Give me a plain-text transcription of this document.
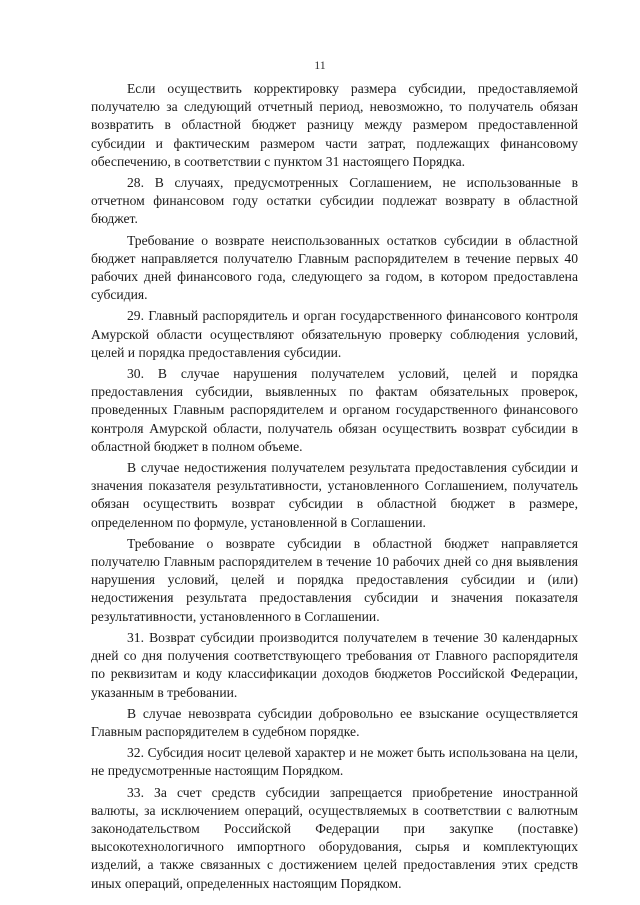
11

Если осуществить корректировку размера субсидии, предоставляемой получателю за следующий отчетный период, невозможно, то получатель обязан возвратить в областной бюджет разницу между размером предоставленной субсидии и фактическим размером части затрат, подлежащих финансовому обеспечению, в соответствии с пунктом 31 настоящего Порядка.

28. В случаях, предусмотренных Соглашением, не использованные в отчетном финансовом году остатки субсидии подлежат возврату в областной бюджет.

Требование о возврате неиспользованных остатков субсидии в областной бюджет направляется получателю Главным распорядителем в течение первых 40 рабочих дней финансового года, следующего за годом, в котором предоставлена субсидия.

29. Главный распорядитель и орган государственного финансового контроля Амурской области осуществляют обязательную проверку соблюдения условий, целей и порядка предоставления субсидии.

30. В случае нарушения получателем условий, целей и порядка предоставления субсидии, выявленных по фактам обязательных проверок, проведенных Главным распорядителем и органом государственного финансового контроля Амурской области, получатель обязан осуществить возврат субсидии в областной бюджет в полном объеме.

В случае недостижения получателем результата предоставления субсидии и значения показателя результативности, установленного Соглашением, получатель обязан осуществить возврат субсидии в областной бюджет в размере, определенном по формуле, установленной в Соглашении.

Требование о возврате субсидии в областной бюджет направляется получателю Главным распорядителем в течение 10 рабочих дней со дня выявления нарушения условий, целей и порядка предоставления субсидии и (или) недостижения результата предоставления субсидии и значения показателя результативности, установленного в Соглашении.

31. Возврат субсидии производится получателем в течение 30 календарных дней со дня получения соответствующего требования от Главного распорядителя по реквизитам и коду классификации доходов бюджетов Российской Федерации, указанным в требовании.

В случае невозврата субсидии добровольно ее взыскание осуществляется Главным распорядителем в судебном порядке.

32. Субсидия носит целевой характер и не может быть использована на цели, не предусмотренные настоящим Порядком.

33. За счет средств субсидии запрещается приобретение иностранной валюты, за исключением операций, осуществляемых в соответствии с валютным законодательством Российской Федерации при закупке (поставке) высокотехнологичного импортного оборудования, сырья и комплектующих изделий, а также связанных с достижением целей предоставления этих средств иных операций, определенных настоящим Порядком.
